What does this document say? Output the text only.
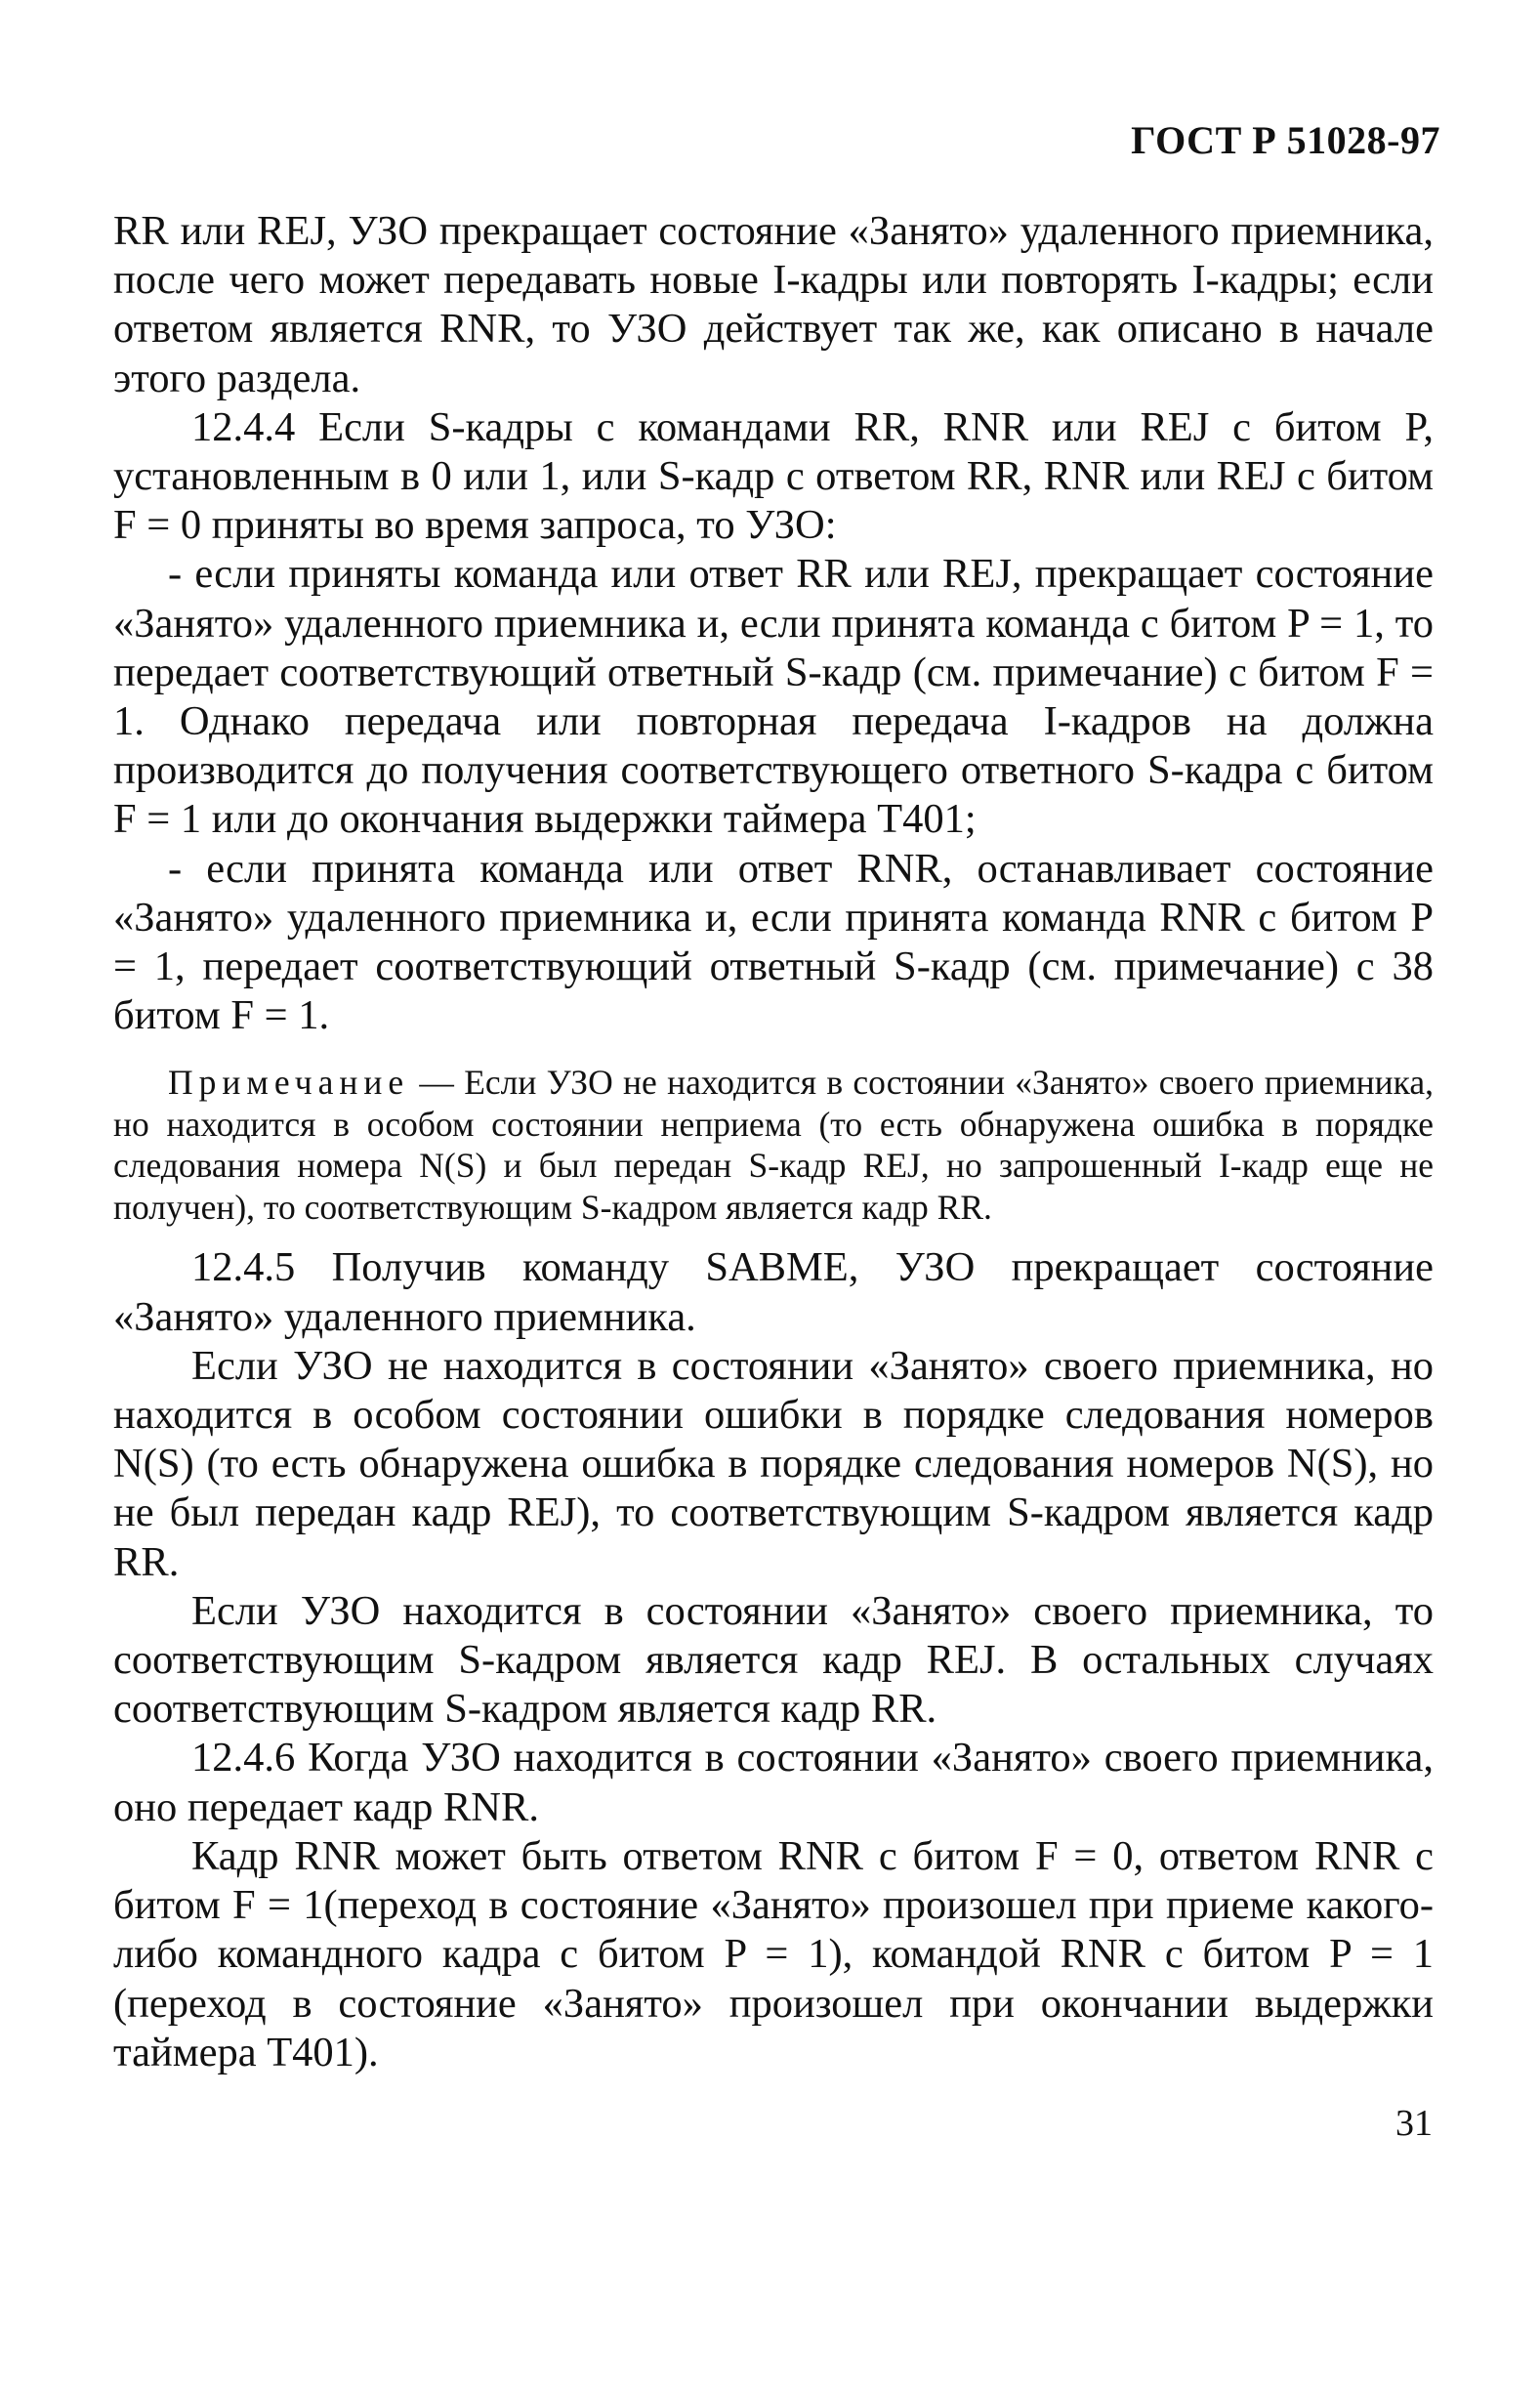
ГОСТ Р 51028-97

RR или REJ, УЗО прекращает состояние «Занято» удаленного приемника, после чего может передавать новые I-кадры или повторять I-кадры; если ответом является RNR, то УЗО действует так же, как описано в начале этого раздела.

12.4.4 Если S-кадры с командами RR, RNR или REJ с битом P, установленным в 0 или 1, или S-кадр с ответом RR, RNR или REJ с битом F = 0 приняты во время запроса, то УЗО:

- если приняты команда или ответ RR или REJ, прекращает состояние «Занято» удаленного приемника и, если принята команда с битом P = 1, то передает соответствующий ответный S-кадр (см. примечание) с битом F = 1. Однако передача или повторная передача I-кадров на должна производится до получения соответствующего ответного S-кадра с битом F = 1 или до окончания выдержки таймера T401;

- если принята команда или ответ RNR, останавливает состояние «Занято» удаленного приемника и, если принята команда RNR с битом P = 1, передает соответствующий ответный S-кадр (см. примечание) с 38 битом F = 1.

Примечание — Если УЗО не находится в состоянии «Занято» своего приемника, но находится в особом состоянии неприема (то есть обнаружена ошибка в порядке следования номера N(S) и был передан S-кадр REJ, но запрошенный I-кадр еще не получен), то соответствующим S-кадром является кадр RR.

12.4.5 Получив команду SABME, УЗО прекращает состояние «Занято» удаленного приемника.

Если УЗО не находится в состоянии «Занято» своего приемника, но находится в особом состоянии ошибки в порядке следования номеров N(S) (то есть обнаружена ошибка в порядке следования номеров N(S), но не был передан кадр REJ), то соответствующим S-кадром является кадр RR.

Если УЗО находится в состоянии «Занято» своего приемника, то соответствующим S-кадром является кадр REJ. В остальных случаях соответствующим S-кадром является кадр RR.

12.4.6 Когда УЗО находится в состоянии «Занято» своего приемника, оно передает кадр RNR.

Кадр RNR может быть ответом RNR с битом F = 0, ответом RNR с битом F = 1(переход в состояние «Занято» произошел при приеме какого-либо командного кадра с битом P = 1), командой RNR с битом P = 1 (переход в состояние «Занято» произошел при окончании выдержки таймера T401).

31
